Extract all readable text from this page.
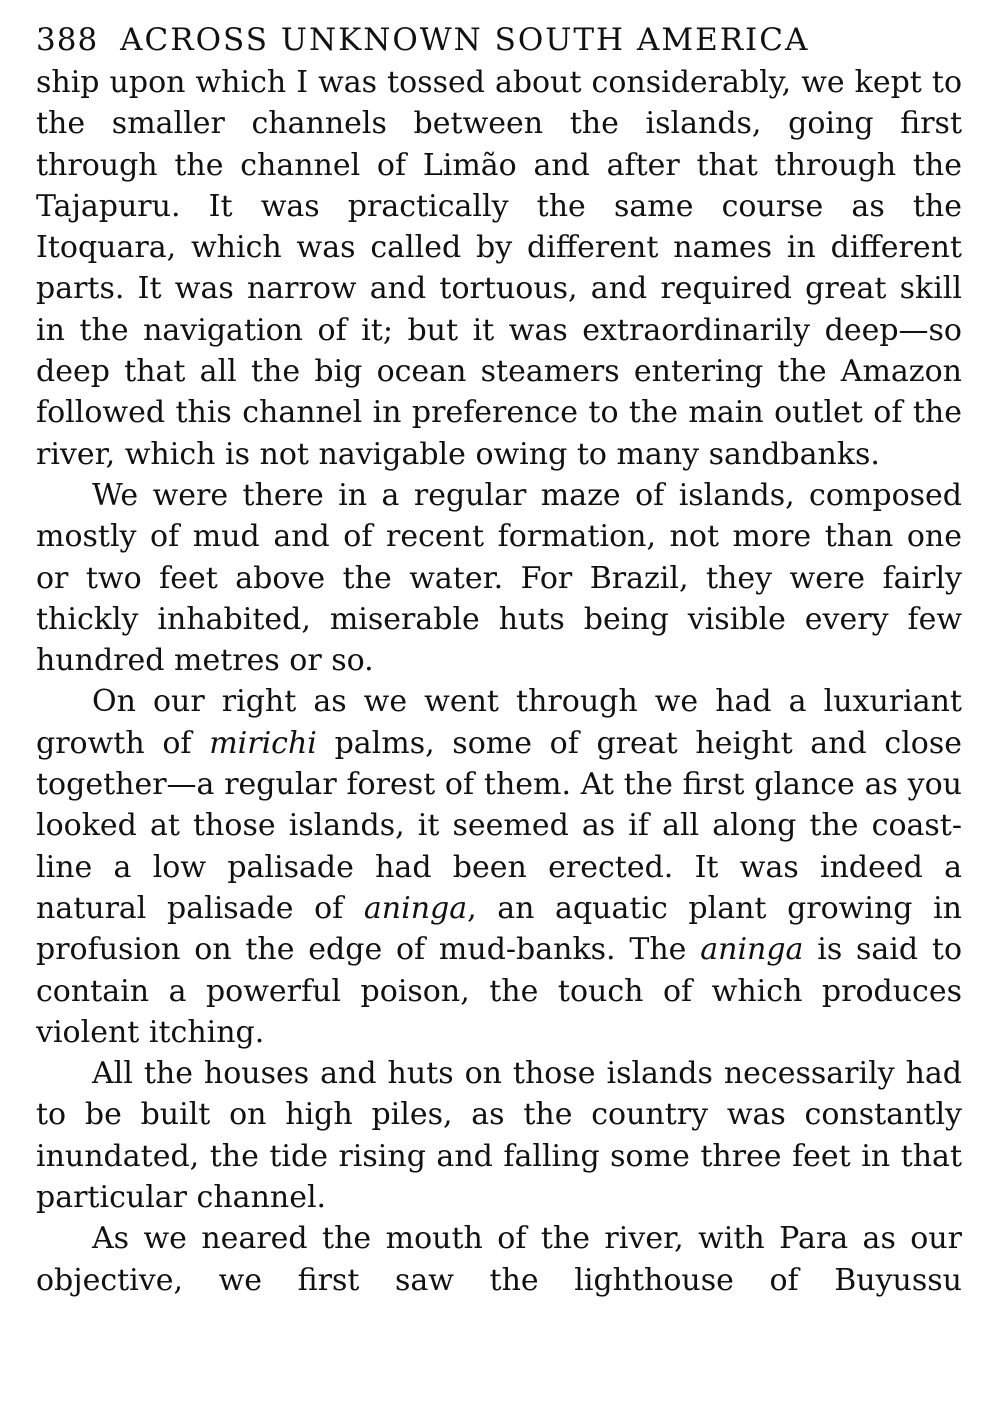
388 ACROSS UNKNOWN SOUTH AMERICA

ship upon which I was tossed about considerably, we kept to the smaller channels between the islands, going first through the channel of Limão and after that through the Tajapuru. It was practically the same course as the Itoquara, which was called by different names in different parts. It was narrow and tortuous, and required great skill in the navigation of it; but it was extraordinarily deep—so deep that all the big ocean steamers entering the Amazon followed this channel in preference to the main outlet of the river, which is not navigable owing to many sandbanks.

We were there in a regular maze of islands, composed mostly of mud and of recent formation, not more than one or two feet above the water. For Brazil, they were fairly thickly inhabited, miserable huts being visible every few hundred metres or so.

On our right as we went through we had a luxuriant growth of mirichi palms, some of great height and close together—a regular forest of them. At the first glance as you looked at those islands, it seemed as if all along the coast-line a low palisade had been erected. It was indeed a natural palisade of aninga, an aquatic plant growing in profusion on the edge of mud-banks. The aninga is said to contain a powerful poison, the touch of which produces violent itching.

All the houses and huts on those islands necessarily had to be built on high piles, as the country was constantly inundated, the tide rising and falling some three feet in that particular channel.

As we neared the mouth of the river, with Para as our objective, we first saw the lighthouse of Buyussu
